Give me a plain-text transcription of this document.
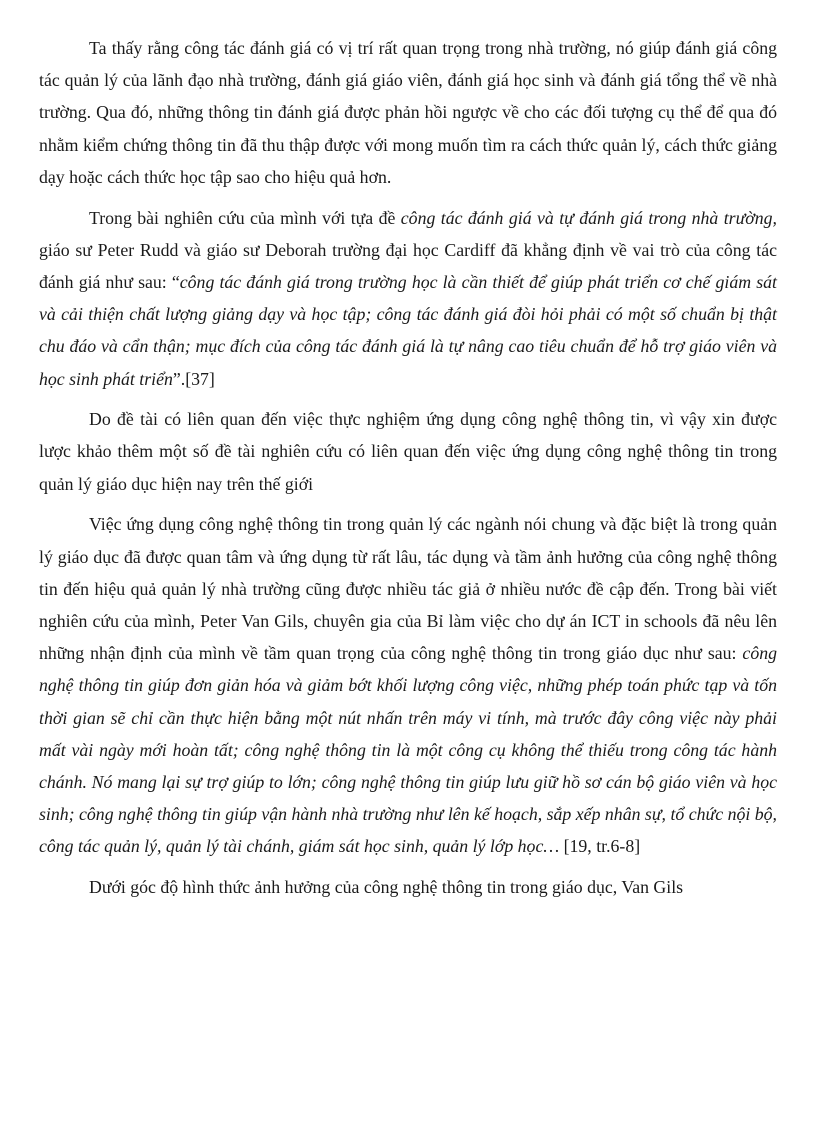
Ta thấy rằng công tác đánh giá có vị trí rất quan trọng trong nhà trường, nó giúp đánh giá công tác quản lý của lãnh đạo nhà trường, đánh giá giáo viên, đánh giá học sinh và đánh giá tổng thể về nhà trường. Qua đó, những thông tin đánh giá được phản hồi ngược về cho các đối tượng cụ thể để qua đó nhằm kiểm chứng thông tin đã thu thập được với mong muốn tìm ra cách thức quản lý, cách thức giảng dạy hoặc cách thức học tập sao cho hiệu quả hơn.

Trong bài nghiên cứu của mình với tựa đề công tác đánh giá và tự đánh giá trong nhà trường, giáo sư Peter Rudd và giáo sư Deborah trường đại học Cardiff đã khẳng định về vai trò của công tác đánh giá như sau: “công tác đánh giá trong trường học là cần thiết để giúp phát triển cơ chế giám sát và cải thiện chất lượng giảng dạy và học tập; công tác đánh giá đòi hỏi phải có một số chuẩn bị thật chu đáo và cẩn thận; mục đích của công tác đánh giá là tự nâng cao tiêu chuẩn để hỗ trợ giáo viên và học sinh phát triển”.[37]

Do đề tài có liên quan đến việc thực nghiệm ứng dụng công nghệ thông tin, vì vậy xin được lược khảo thêm một số đề tài nghiên cứu có liên quan đến việc ứng dụng công nghệ thông tin trong quản lý giáo dục hiện nay trên thế giới

Việc ứng dụng công nghệ thông tin trong quản lý các ngành nói chung và đặc biệt là trong quản lý giáo dục đã được quan tâm và ứng dụng từ rất lâu, tác dụng và tầm ảnh hưởng của công nghệ thông tin đến hiệu quả quản lý nhà trường cũng được nhiều tác giả ở nhiều nước đề cập đến. Trong bài viết nghiên cứu của mình, Peter Van Gils, chuyên gia của Bỉ làm việc cho dự án ICT in schools đã nêu lên những nhận định của mình về tầm quan trọng của công nghệ thông tin trong giáo dục như sau: công nghệ thông tin giúp đơn giản hóa và giảm bớt khối lượng công việc, những phép toán phức tạp và tốn thời gian sẽ chỉ cần thực hiện bằng một nút nhấn trên máy vi tính, mà trước đây công việc này phải mất vài ngày mới hoàn tất; công nghệ thông tin là một công cụ không thể thiếu trong công tác hành chánh. Nó mang lại sự trợ giúp to lớn; công nghệ thông tin giúp lưu giữ hồ sơ cán bộ giáo viên và học sinh; công nghệ thông tin giúp vận hành nhà trường như lên kế hoạch, sắp xếp nhân sự, tổ chức nội bộ, công tác quản lý, quản lý tài chánh, giám sát học sinh, quản lý lớp học… [19, tr.6-8]

Dưới góc độ hình thức ảnh hưởng của công nghệ thông tin trong giáo dục, Van Gils
